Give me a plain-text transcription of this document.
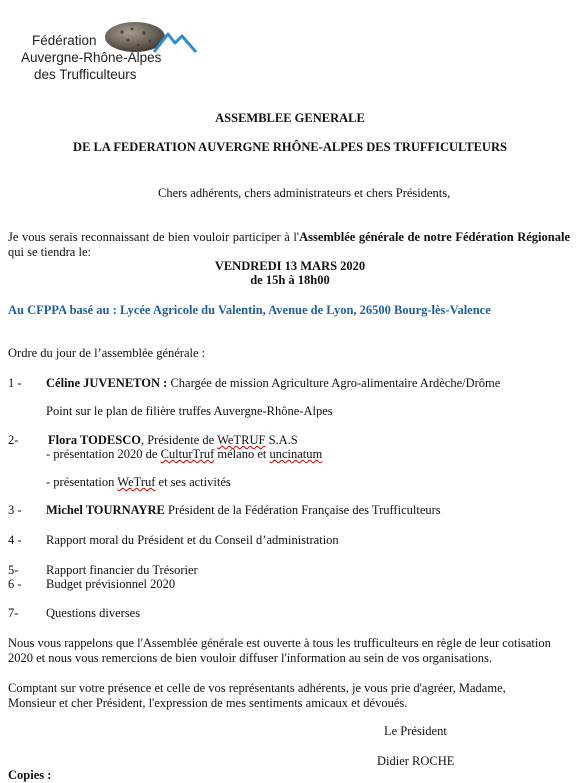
Fédération
Auvergne-Rhône-Alpes
des Trufficulteurs
ASSEMBLEE GENERALE
DE LA FEDERATION AUVERGNE RHÔNE-ALPES DES TRUFFICULTEURS
Chers adhérents, chers administrateurs et chers Présidents,
Je vous serais reconnaissant de bien vouloir participer à l'Assemblée générale de notre Fédération Régionale qui se tiendra le:
VENDREDI 13 MARS 2020
de 15h à 18h00
Au CFPPA basé au : Lycée Agricole du Valentin, Avenue de Lyon, 26500 Bourg-lès-Valence
Ordre du jour de l’assemblée générale :
1 - Céline JUVENETON : Chargée de mission Agriculture Agro-alimentaire Ardèche/Drôme
Point sur le plan de filière truffes Auvergne-Rhône-Alpes
2- Flora TODESCO, Présidente de WeTRUF S.A.S
- présentation 2020 de CulturTruf mélano et uncinatum
- présentation WeTruf et ses activités
3 - Michel TOURNAYRE Président de la Fédération Française des Trufficulteurs
4 - Rapport moral du Président et du Conseil d’administration
5- Rapport financier du Trésorier
6 - Budget prévisionnel 2020
7- Questions diverses
Nous vous rappelons que l'Assemblée générale est ouverte à tous les trufficulteurs en règle de leur cotisation
2020 et nous vous remercions de bien vouloir diffuser l'information au sein de vos organisations.
Comptant sur votre présence et celle de vos représentants adhérents, je vous prie d'agréer, Madame,
Monsieur et cher Président, l'expression de mes sentiments amicaux et dévoués.
Le Président
Didier ROCHE
Copies :
